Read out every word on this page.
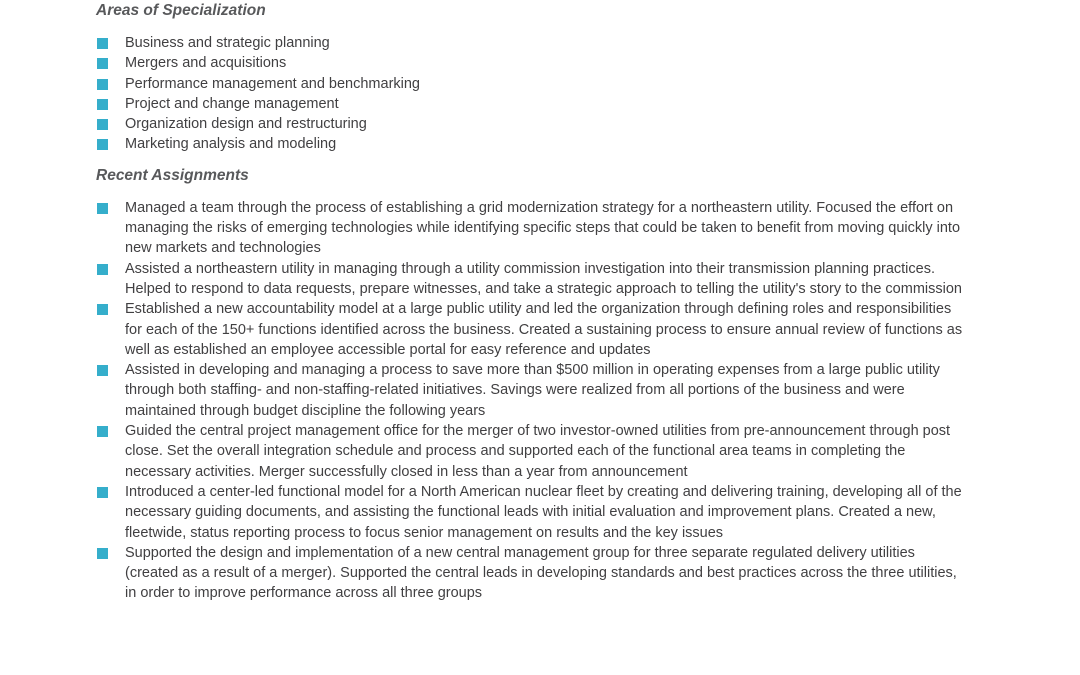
Areas of Specialization
Business and strategic planning
Mergers and acquisitions
Performance management and benchmarking
Project and change management
Organization design and restructuring
Marketing analysis and modeling
Recent Assignments
Managed a team through the process of establishing a grid modernization strategy for a northeastern utility. Focused the effort on managing the risks of emerging technologies while identifying specific steps that could be taken to benefit from moving quickly into new markets and technologies
Assisted a northeastern utility in managing through a utility commission investigation into their transmission planning practices. Helped to respond to data requests, prepare witnesses, and take a strategic approach to telling the utility's story to the commission
Established a new accountability model at a large public utility and led the organization through defining roles and responsibilities for each of the 150+ functions identified across the business. Created a sustaining process to ensure annual review of functions as well as established an employee accessible portal for easy reference and updates
Assisted in developing and managing a process to save more than $500 million in operating expenses from a large public utility through both staffing- and non-staffing-related initiatives. Savings were realized from all portions of the business and were maintained through budget discipline the following years
Guided the central project management office for the merger of two investor-owned utilities from pre-announcement through post close. Set the overall integration schedule and process and supported each of the functional area teams in completing the necessary activities. Merger successfully closed in less than a year from announcement
Introduced a center-led functional model for a North American nuclear fleet by creating and delivering training, developing all of the necessary guiding documents, and assisting the functional leads with initial evaluation and improvement plans. Created a new, fleetwide, status reporting process to focus senior management on results and the key issues
Supported the design and implementation of a new central management group for three separate regulated delivery utilities (created as a result of a merger). Supported the central leads in developing standards and best practices across the three utilities, in order to improve performance across all three groups
